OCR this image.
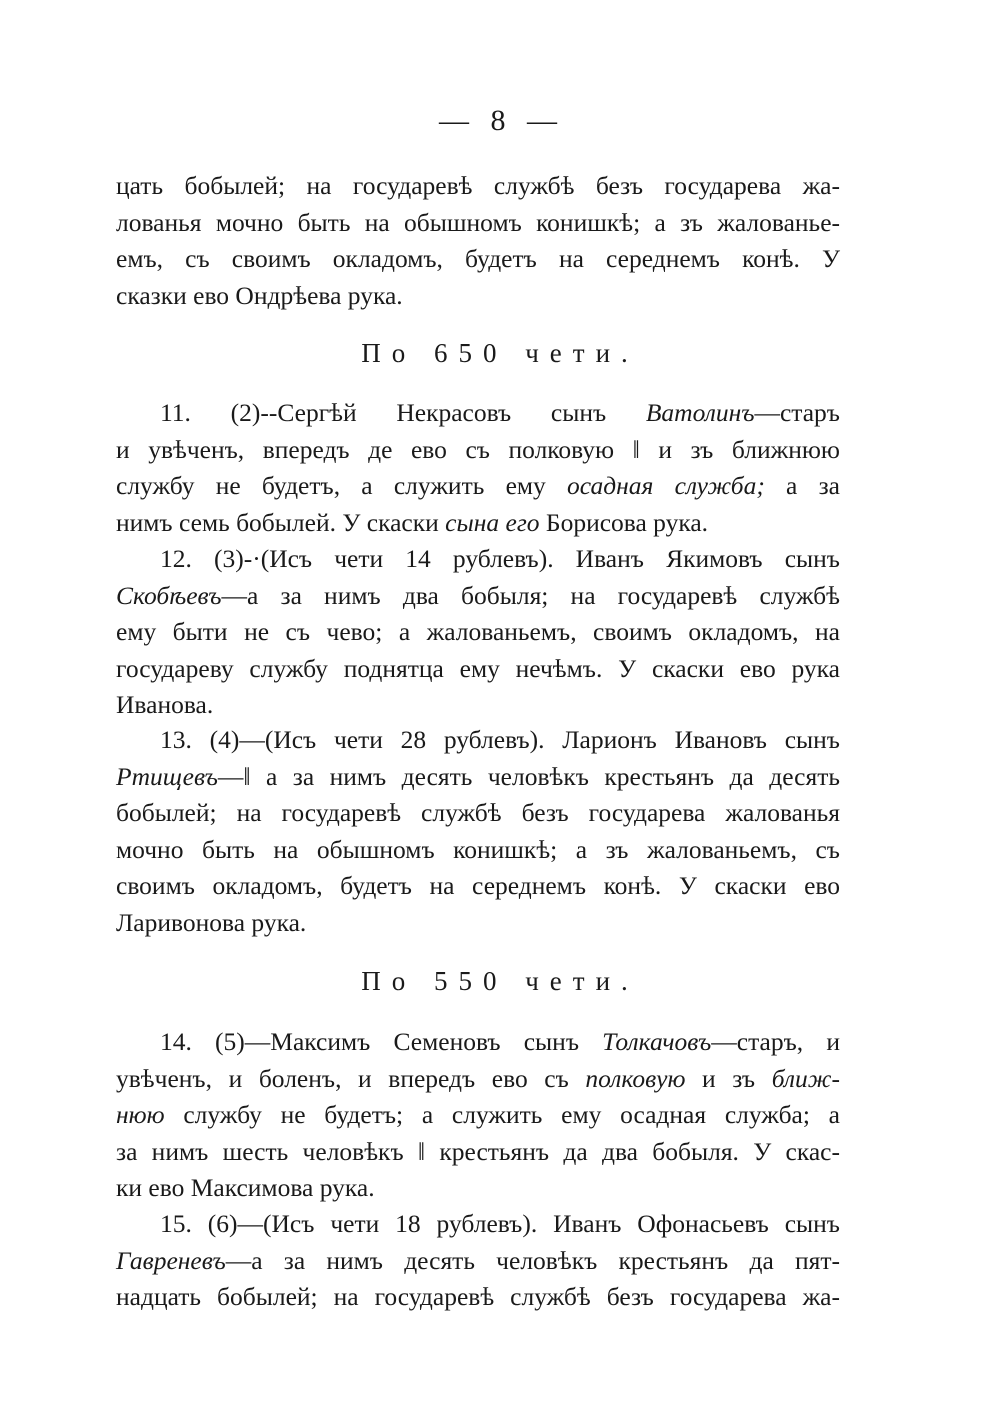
— 8 —
цать бобылей; на государевѣ службѣ безъ государева жа-
лованья мочно быть на обышномъ конишкѣ; а зъ жалованье-
емъ, съ своимъ окладомъ, будетъ на середнемъ конѣ. У
сказки ево Ондрѣева рука.
По 650 чети.
11. (2)--Сергѣй Некрасовъ сынъ Ватолинъ—старъ
и увѣченъ, впередъ де ево съ полковую ‖ и зъ ближнюю
службу не будетъ, а служить ему осадная служба; а за
нимъ семь бобылей. У скаски сына его Борисова рука.
12. (3)-·(Исъ чети 14 рублевъ). Иванъ Якимовъ сынъ
Скобѣевъ—а за нимъ два бобыля; на государевѣ службѣ
ему быти не съ чево; а жалованьемъ, своимъ окладомъ, на
государеву службу поднятца ему нечѣмъ. У скаски ево рука
Иванова.
13. (4)—(Исъ чети 28 рублевъ). Ларионъ Ивановъ сынъ
Ртищевъ—‖ а за нимъ десять человѣкъ крестьянъ да десять
бобылей; на государевѣ службѣ безъ государева жалованья
мочно быть на обышномъ конишкѣ; а зъ жалованьемъ, съ
своимъ окладомъ, будетъ на середнемъ конѣ. У скаски ево
Ларивонова рука.
По 550 чети.
14. (5)—Максимъ Семеновъ сынъ Толкачовъ—старъ, и
увѣченъ, и боленъ, и впередъ ево съ полковую и зъ ближ-
нюю службу не будетъ; а служить ему осадная служба; а
за нимъ шесть человѣкъ ‖ крестьянъ да два бобыля. У скас-
ки ево Максимова рука.
15. (6)—(Исъ чети 18 рублевъ). Иванъ Офонасьевъ сынъ
Гавреневъ—а за нимъ десять человѣкъ крестьянъ да пят-
надцать бобылей; на государевѣ службѣ безъ государева жа-
